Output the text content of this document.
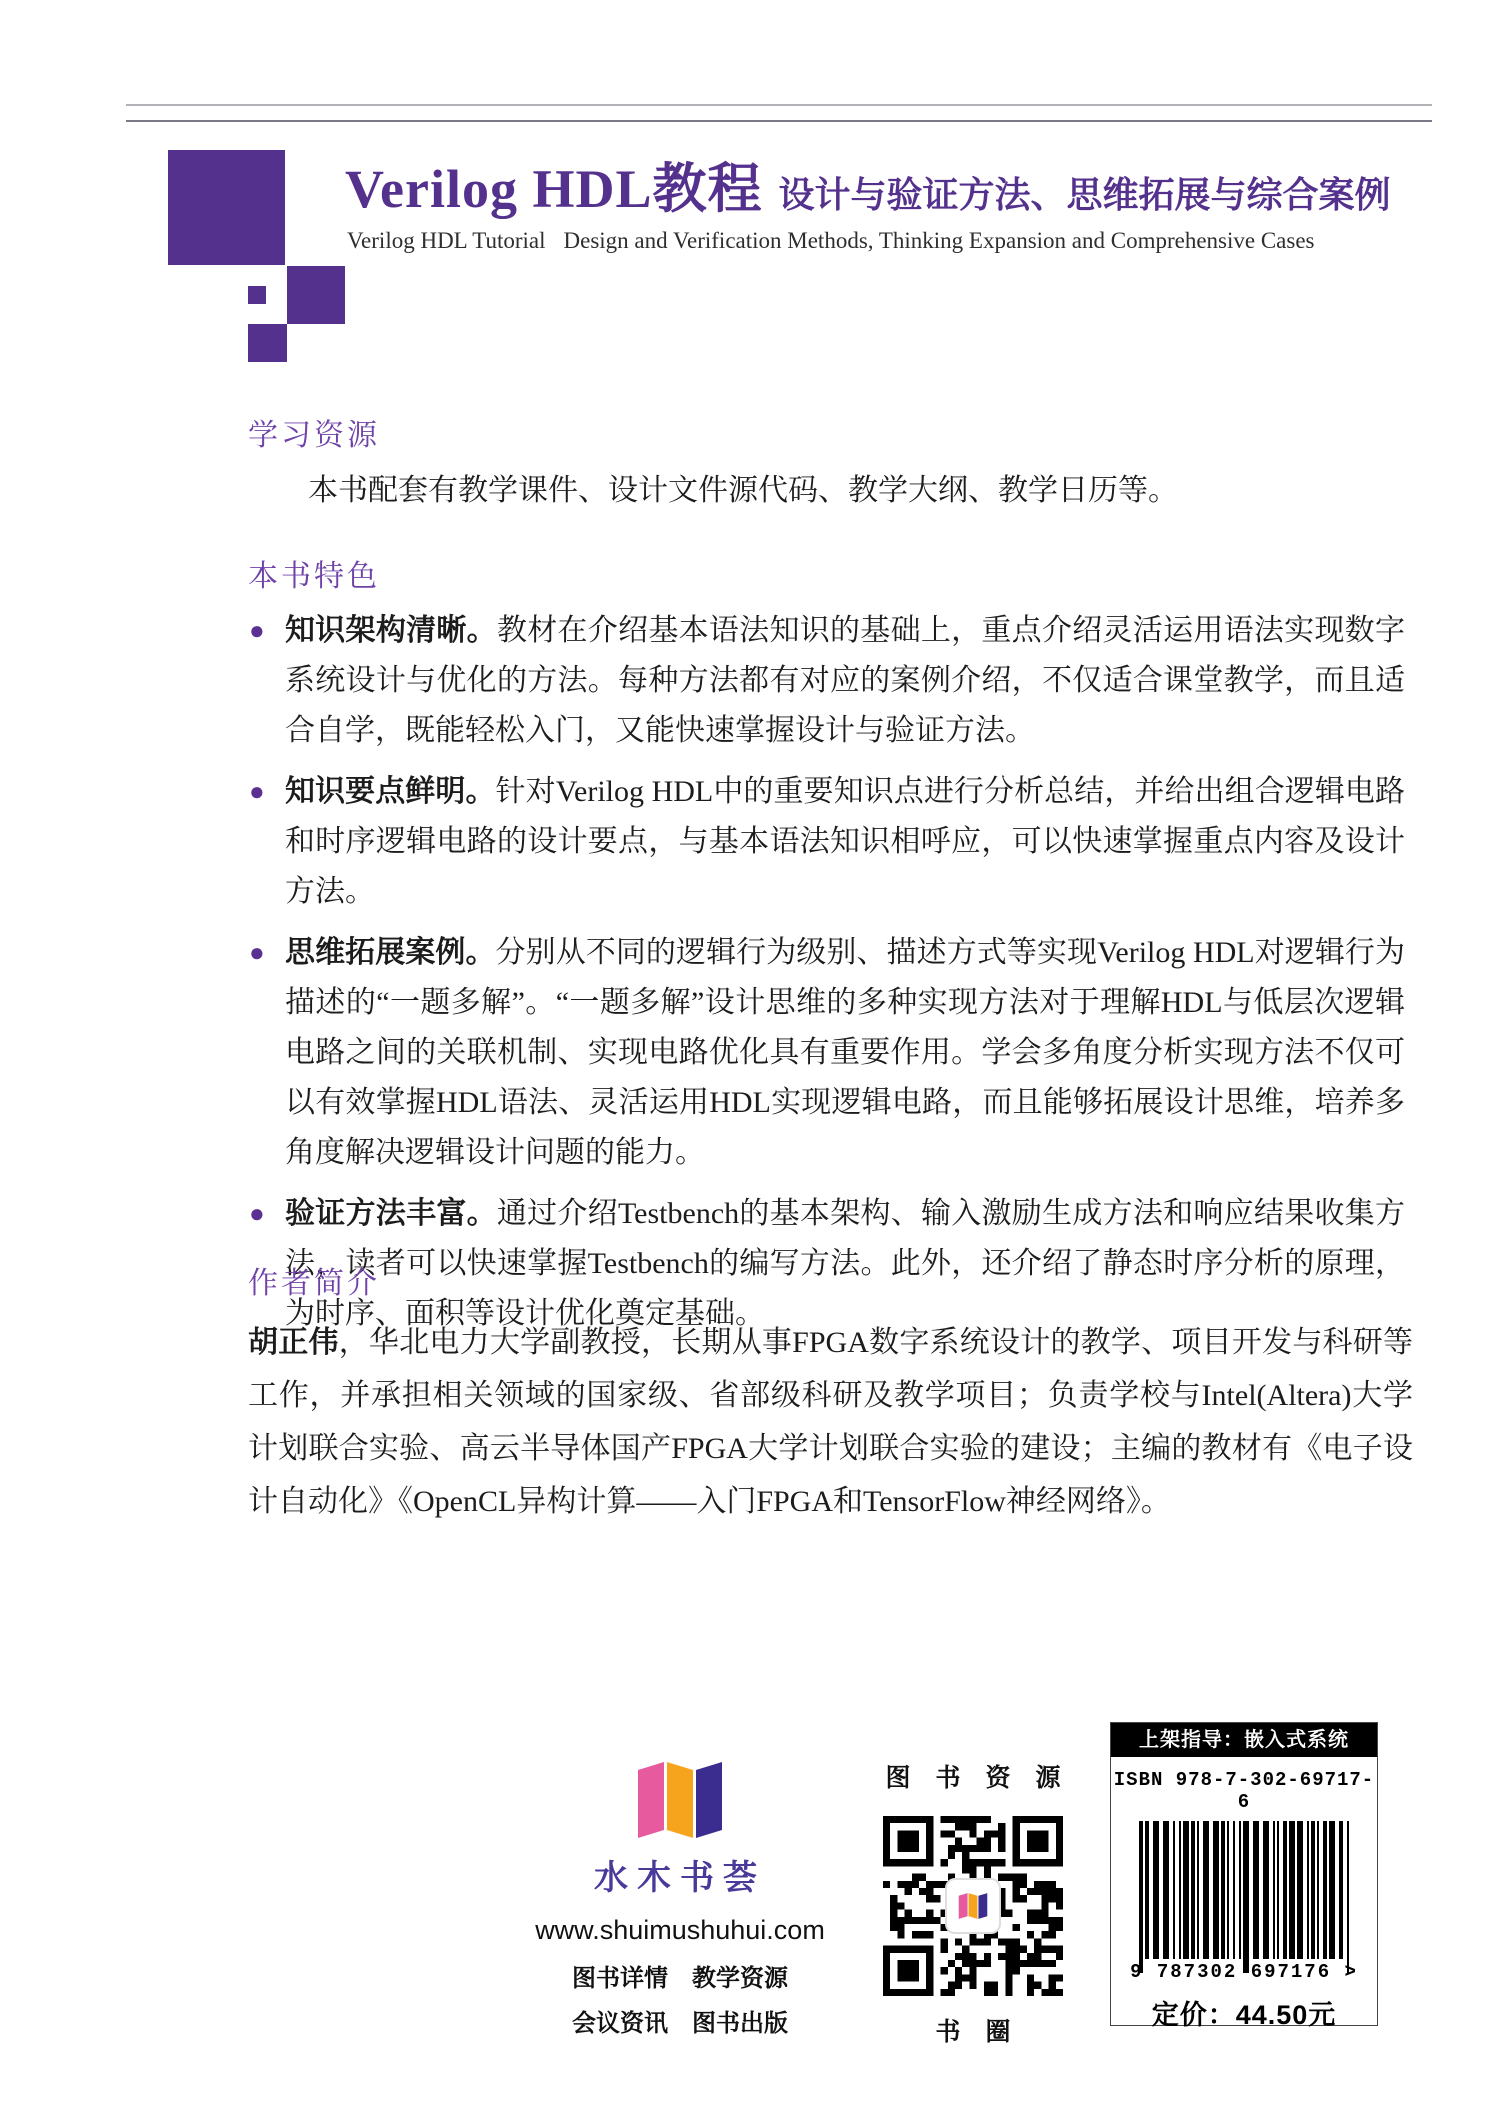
Verilog HDL教程 设计与验证方法、思维拓展与综合案例
Verilog HDL Tutorial Design and Verification Methods, Thinking Expansion and Comprehensive Cases
学习资源

本书配套有教学课件、设计文件源代码、教学大纲、教学日历等。

本书特色
● 知识架构清晰。教材在介绍基本语法知识的基础上，重点介绍灵活运用语法实现数字系统设计与优化的方法。每种方法都有对应的案例介绍，不仅适合课堂教学，而且适合自学，既能轻松入门，又能快速掌握设计与验证方法。
● 知识要点鲜明。针对Verilog HDL中的重要知识点进行分析总结，并给出组合逻辑电路和时序逻辑电路的设计要点，与基本语法知识相呼应，可以快速掌握重点内容及设计方法。
● 思维拓展案例。分别从不同的逻辑行为级别、描述方式等实现Verilog HDL对逻辑行为描述的“一题多解”。“一题多解”设计思维的多种实现方法对于理解HDL与低层次逻辑电路之间的关联机制、实现电路优化具有重要作用。学会多角度分析实现方法不仅可以有效掌握HDL语法、灵活运用HDL实现逻辑电路，而且能够拓展设计思维，培养多角度解决逻辑设计问题的能力。
● 验证方法丰富。通过介绍Testbench的基本架构、输入激励生成方法和响应结果收集方法，读者可以快速掌握Testbench的编写方法。此外，还介绍了静态时序分析的原理，为时序、面积等设计优化奠定基础。
作者简介

胡正伟，华北电力大学副教授，长期从事FPGA数字系统设计的教学、项目开发与科研等工作，并承担相关领域的国家级、省部级科研及教学项目；负责学校与Intel(Altera)大学计划联合实验、高云半导体国产FPGA大学计划联合实验的建设；主编的教材有《电子设计自动化》《OpenCL异构计算——入门FPGA和TensorFlow神经网络》。

水木书荟
www.shuimushuhui.com
图书详情　教学资源
会议资讯　图书出版
图　书　资　源
书　圈
上架指导：嵌入式系统
ISBN 978-7-302-69717-6
9 787302 697176 >
定价：44.50元
